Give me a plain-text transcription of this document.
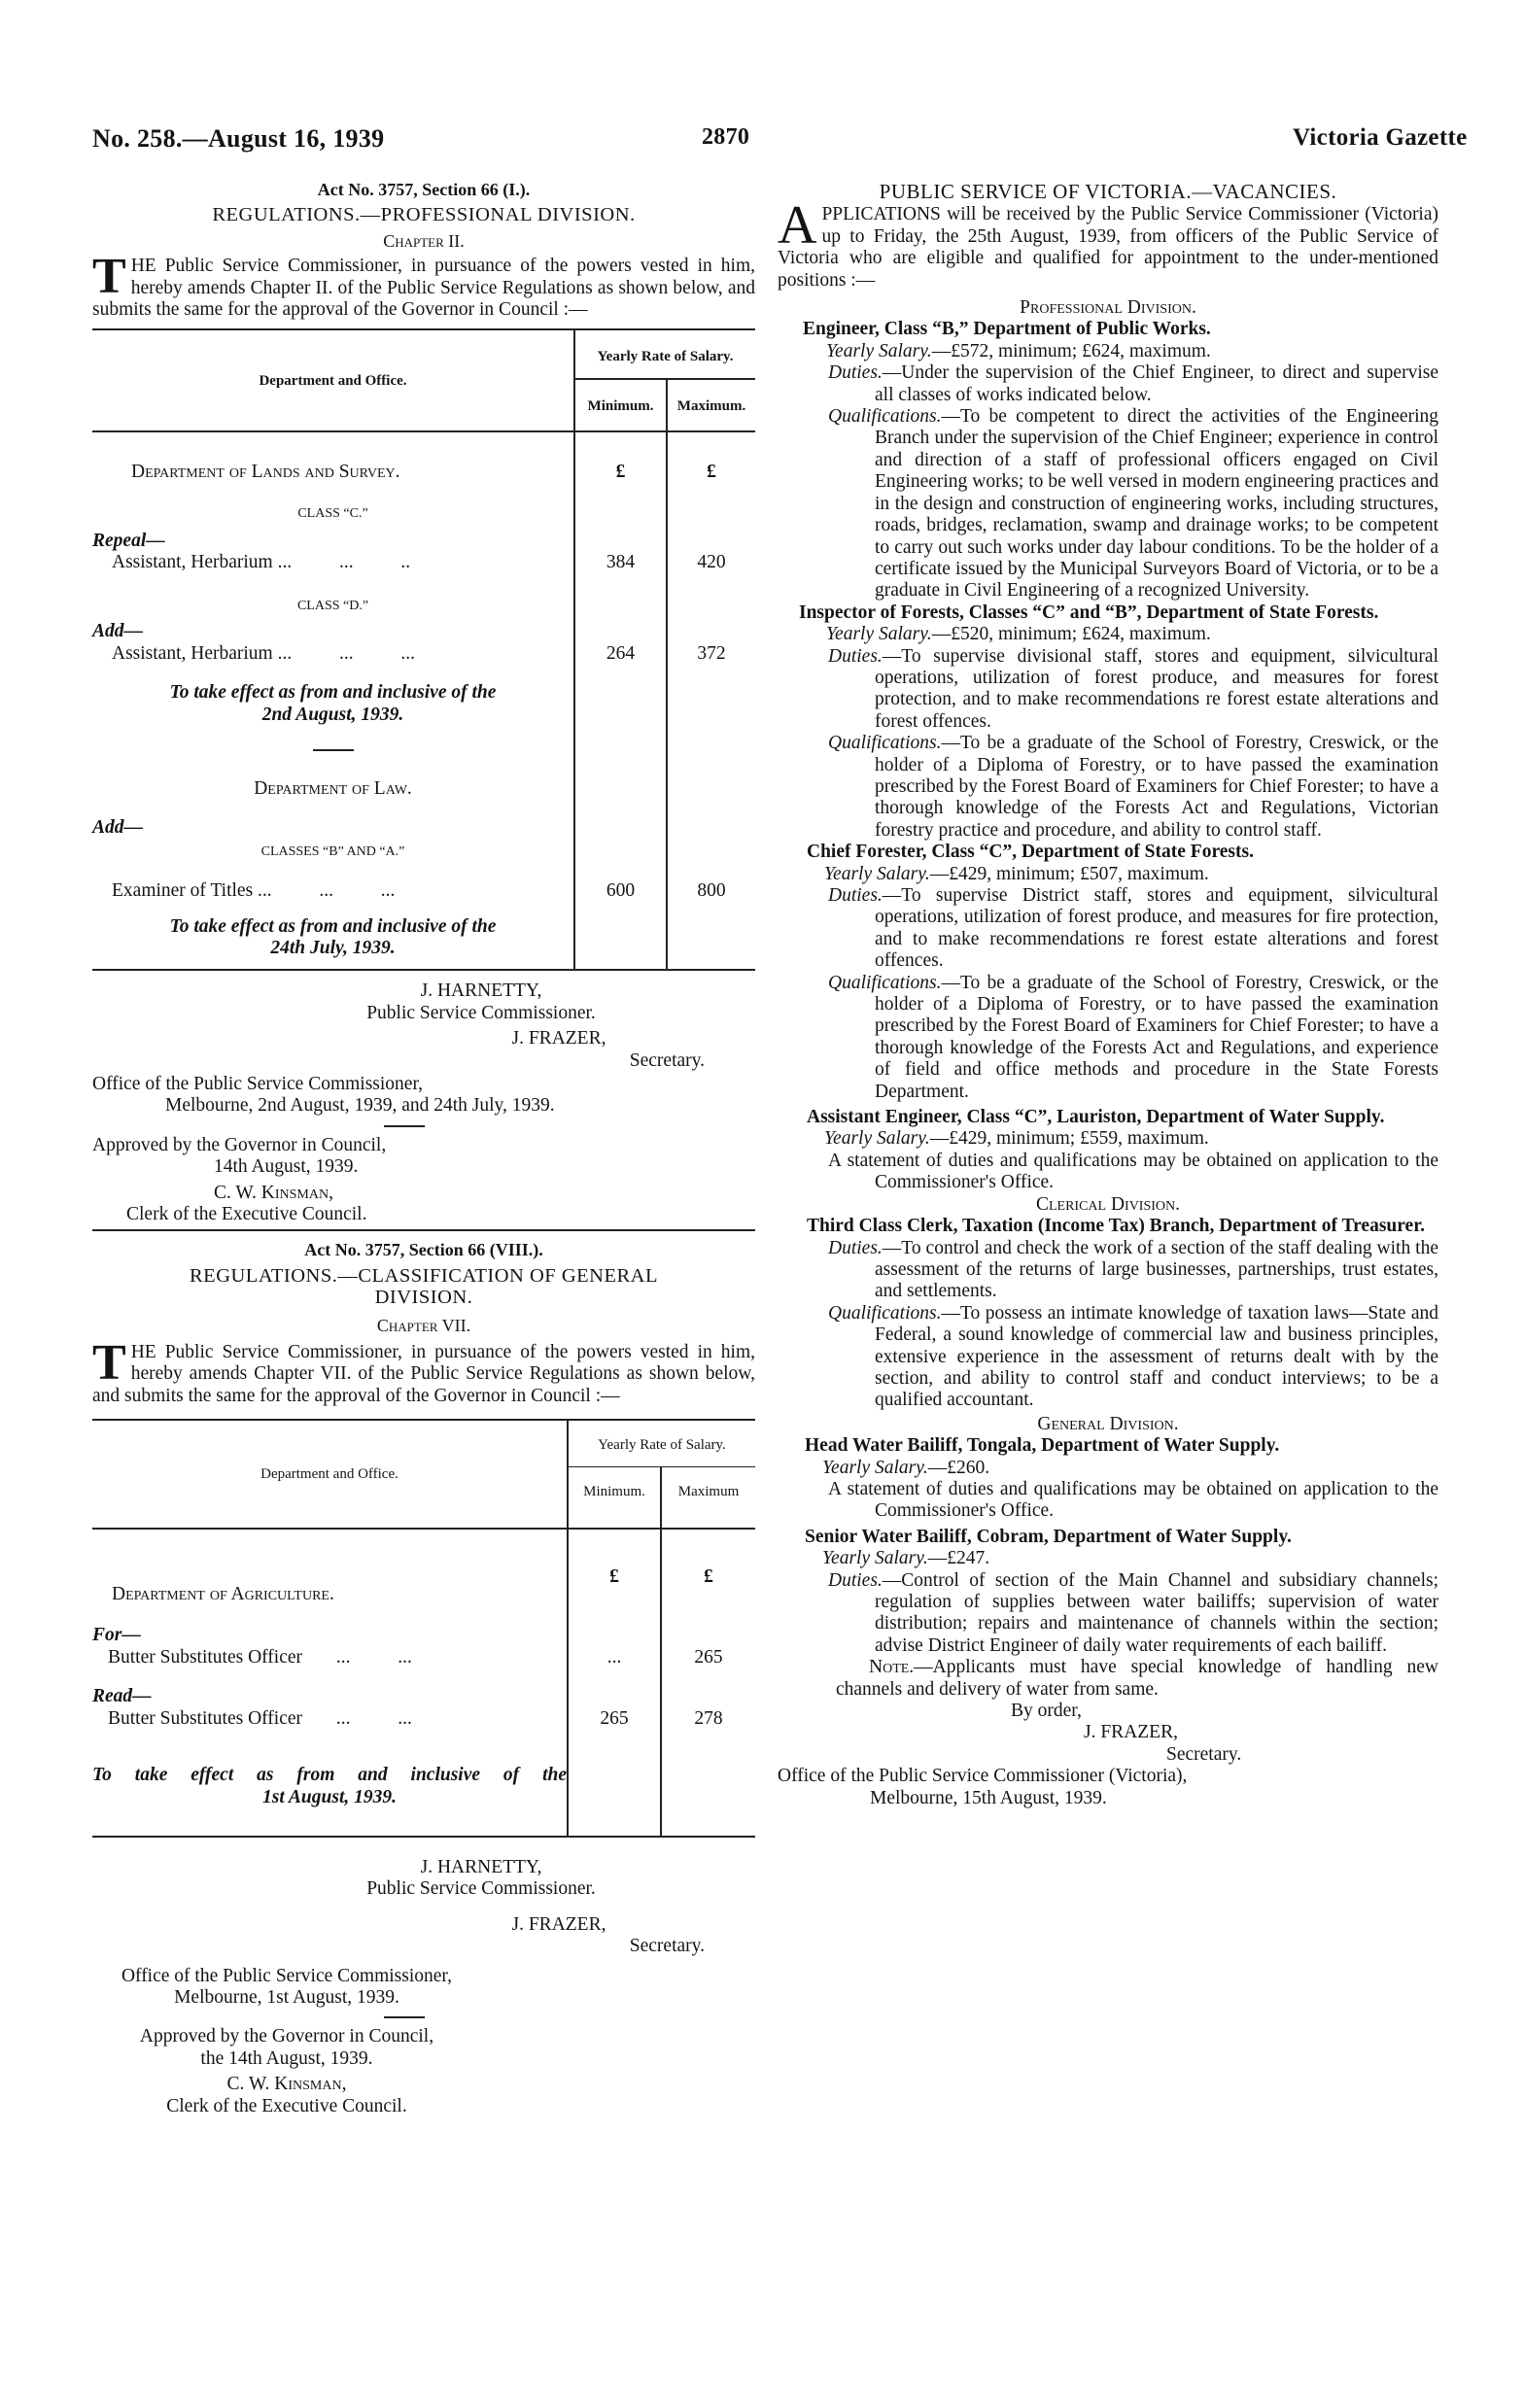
No. 258.—August 16, 1939	2870	Victoria Gazette
Act No. 3757, Section 66 (I.).
REGULATIONS.—PROFESSIONAL DIVISION.
Chapter II.
THE Public Service Commissioner, in pursuance of the powers vested in him, hereby amends Chapter II. of the Public Service Regulations as shown below, and submits the same for the approval of the Governor in Council :—
Department and Office.	Yearly Rate of Salary.	
	Minimum.	Maximum.
Department of Lands and Survey.	£	£
CLASS “C.”		
Repeal—		
Assistant, Herbarium ...          ...          ..	384	420
CLASS “D.”		
Add—		
Assistant, Herbarium ...          ...          ...	264	372

To take effect as from and inclusive of the
2nd August, 1939.		

Department of Law.		
Add—		
CLASSES “B” AND “A.”		
Examiner of Titles ...          ...          ...	600	800

To take effect as from and inclusive of the
24th July, 1939.		

J. HARNETTY,
Public Service Commissioner.
J. FRAZER,
Secretary.
Office of the Public Service Commissioner,
Melbourne, 2nd August, 1939, and 24th July, 1939.
Approved by the Governor in Council,
14th August, 1939.
C. W. Kinsman,
Clerk of the Executive Council.
Act No. 3757, Section 66 (VIII.).
REGULATIONS.—CLASSIFICATION OF GENERAL
DIVISION.
Chapter VII.
THE Public Service Commissioner, in pursuance of the powers vested in him, hereby amends Chapter VII. of the Public Service Regulations as shown below, and submits the same for the approval of the Governor in Council :—
Department and Office.	Yearly Rate of Salary.	
	Minimum.	Maximum
Department of Agriculture.	£	£
For—		
Butter Substitutes Officer ...          ...	...	265
Read—		
Butter Substitutes Officer ...          ...	265	278

To take effect as from and inclusive of the
1st August, 1939.		

J. HARNETTY,
Public Service Commissioner.
J. FRAZER,
Secretary.
Office of the Public Service Commissioner,
Melbourne, 1st August, 1939.
Approved by the Governor in Council,
the 14th August, 1939.
C. W. Kinsman,
Clerk of the Executive Council.
PUBLIC SERVICE OF VICTORIA.—VACANCIES.
APPLICATIONS will be received by the Public Service Commissioner (Victoria) up to Friday, the 25th August, 1939, from officers of the Public Service of Victoria who are eligible and qualified for appointment to the under-mentioned positions :—
Professional Division.
Engineer, Class “B,” Department of Public Works.
Yearly Salary.—£572, minimum; £624, maximum.
Duties.—Under the supervision of the Chief Engineer, to direct and supervise all classes of works indicated below.
Qualifications.—To be competent to direct the activities of the Engineering Branch under the supervision of the Chief Engineer; experience in control and direction of a staff of professional officers engaged on Civil Engineering works; to be well versed in modern engineering practices and in the design and construction of engineering works, including structures, roads, bridges, reclamation, swamp and drainage works; to be competent to carry out such works under day labour conditions. To be the holder of a certificate issued by the Municipal Surveyors Board of Victoria, or to be a graduate in Civil Engineering of a recognized University.
Inspector of Forests, Classes “C” and “B”, Department of State Forests.
Yearly Salary.—£520, minimum; £624, maximum.
Duties.—To supervise divisional staff, stores and equipment, silvicultural operations, utilization of forest produce, and measures for forest protection, and to make recommendations re forest estate alterations and forest offences.
Qualifications.—To be a graduate of the School of Forestry, Creswick, or the holder of a Diploma of Forestry, or to have passed the examination prescribed by the Forest Board of Examiners for Chief Forester; to have a thorough knowledge of the Forests Act and Regulations, Victorian forestry practice and procedure, and ability to control staff.
Chief Forester, Class “C”, Department of State Forests.
Yearly Salary.—£429, minimum; £507, maximum.
Duties.—To supervise District staff, stores and equipment, silvicultural operations, utilization of forest produce, and measures for fire protection, and to make recommendations re forest estate alterations and forest offences.
Qualifications.—To be a graduate of the School of Forestry, Creswick, or the holder of a Diploma of Forestry, or to have passed the examination prescribed by the Forest Board of Examiners for Chief Forester; to have a thorough knowledge of the Forests Act and Regulations, and experience of field and office methods and procedure in the State Forests Department.
Assistant Engineer, Class “C”, Lauriston, Department of Water Supply.
Yearly Salary.—£429, minimum; £559, maximum.
A statement of duties and qualifications may be obtained on application to the Commissioner's Office.
Clerical Division.
Third Class Clerk, Taxation (Income Tax) Branch, Department of Treasurer.
Duties.—To control and check the work of a section of the staff dealing with the assessment of the returns of large businesses, partnerships, trust estates, and settlements.
Qualifications.—To possess an intimate knowledge of taxation laws—State and Federal, a sound knowledge of commercial law and business principles, extensive experience in the assessment of returns dealt with by the section, and ability to control staff and conduct interviews; to be a qualified accountant.
General Division.
Head Water Bailiff, Tongala, Department of Water Supply.
Yearly Salary.—£260.
A statement of duties and qualifications may be obtained on application to the Commissioner's Office.
Senior Water Bailiff, Cobram, Department of Water Supply.
Yearly Salary.—£247.
Duties.—Control of section of the Main Channel and subsidiary channels; regulation of supplies between water bailiffs; supervision of water distribution; repairs and maintenance of channels within the section; advise District Engineer of daily water requirements of each bailiff.
Note.—Applicants must have special knowledge of handling new channels and delivery of water from same.
By order,
J. FRAZER,
Secretary.
Office of the Public Service Commissioner (Victoria),
Melbourne, 15th August, 1939.
